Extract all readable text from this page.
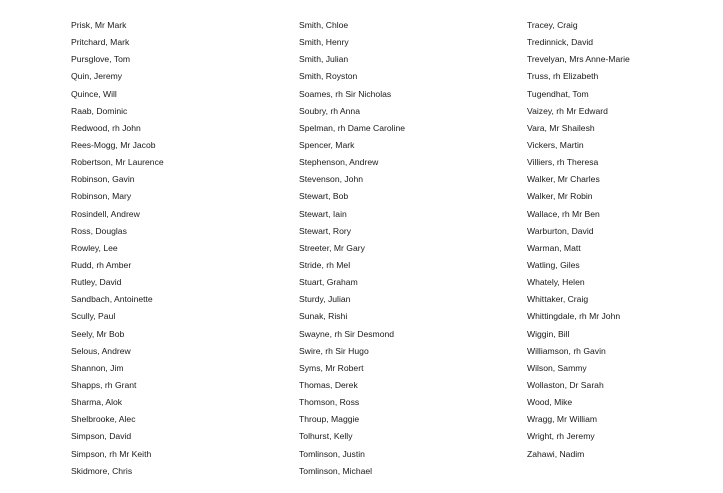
Prisk, Mr Mark
Pritchard, Mark
Pursglove, Tom
Quin, Jeremy
Quince, Will
Raab, Dominic
Redwood, rh John
Rees-Mogg, Mr Jacob
Robertson, Mr Laurence
Robinson, Gavin
Robinson, Mary
Rosindell, Andrew
Ross, Douglas
Rowley, Lee
Rudd, rh Amber
Rutley, David
Sandbach, Antoinette
Scully, Paul
Seely, Mr Bob
Selous, Andrew
Shannon, Jim
Shapps, rh Grant
Sharma, Alok
Shelbrooke, Alec
Simpson, David
Simpson, rh Mr Keith
Skidmore, Chris
Smith, Chloe
Smith, Henry
Smith, Julian
Smith, Royston
Soames, rh Sir Nicholas
Soubry, rh Anna
Spelman, rh Dame Caroline
Spencer, Mark
Stephenson, Andrew
Stevenson, John
Stewart, Bob
Stewart, Iain
Stewart, Rory
Streeter, Mr Gary
Stride, rh Mel
Stuart, Graham
Sturdy, Julian
Sunak, Rishi
Swayne, rh Sir Desmond
Swire, rh Sir Hugo
Syms, Mr Robert
Thomas, Derek
Thomson, Ross
Throup, Maggie
Tolhurst, Kelly
Tomlinson, Justin
Tomlinson, Michael
Tracey, Craig
Tredinnick, David
Trevelyan, Mrs Anne-Marie
Truss, rh Elizabeth
Tugendhat, Tom
Vaizey, rh Mr Edward
Vara, Mr Shailesh
Vickers, Martin
Villiers, rh Theresa
Walker, Mr Charles
Walker, Mr Robin
Wallace, rh Mr Ben
Warburton, David
Warman, Matt
Watling, Giles
Whately, Helen
Whittaker, Craig
Whittingdale, rh Mr John
Wiggin, Bill
Williamson, rh Gavin
Wilson, Sammy
Wollaston, Dr Sarah
Wood, Mike
Wragg, Mr William
Wright, rh Jeremy
Zahawi, Nadim
